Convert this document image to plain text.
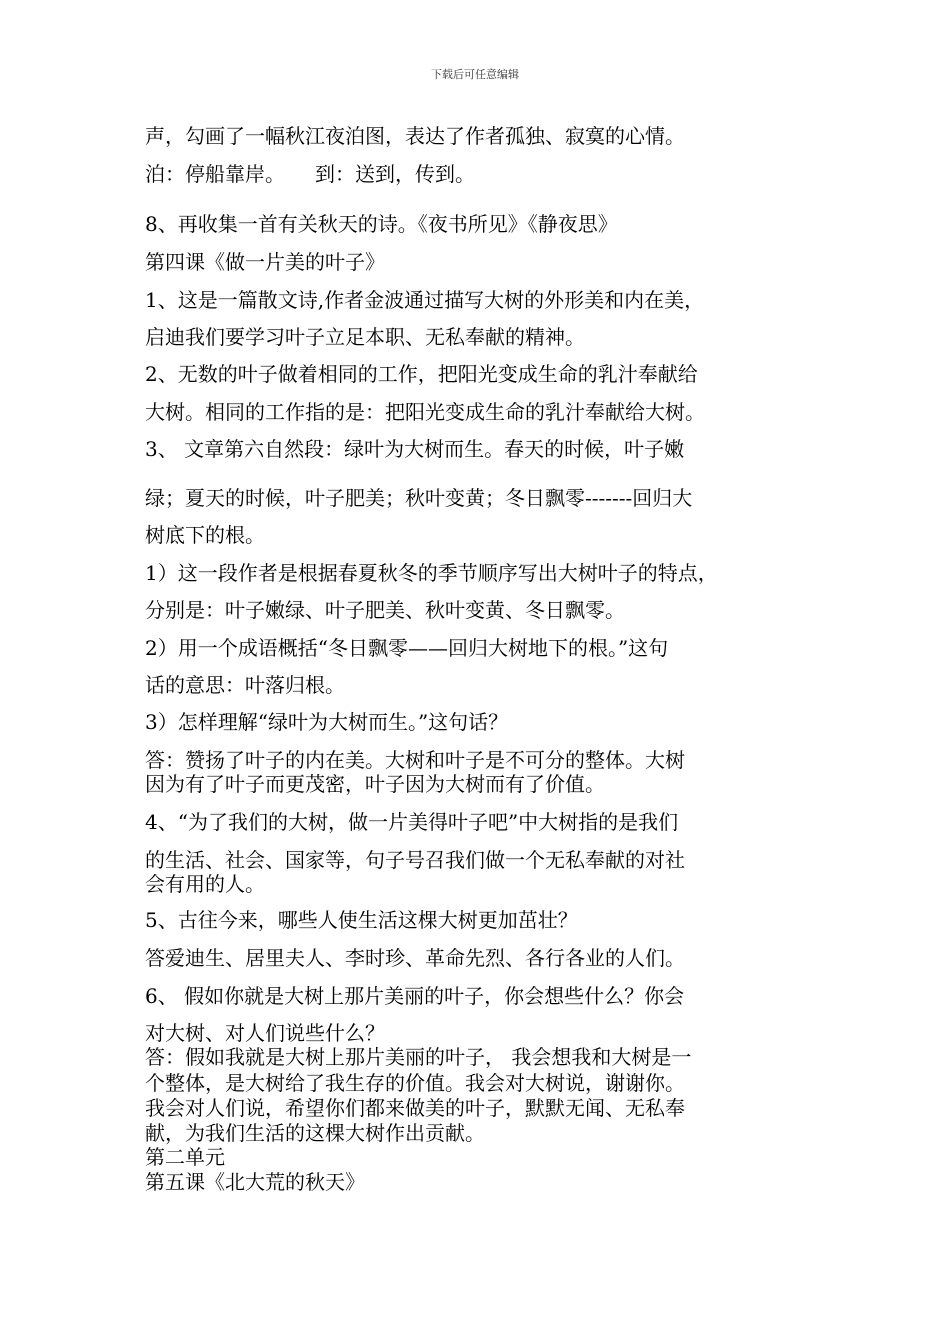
下载后可任意编辑
声，勾画了一幅秋江夜泊图，表达了作者孤独、寂寞的心情。
泊：停船靠岸。　　到：送到，传到。
8、再收集一首有关秋天的诗。《夜书所见》《静夜思》
第四课《做一片美的叶子》
1、这是一篇散文诗,作者金波通过描写大树的外形美和内在美，
启迪我们要学习叶子立足本职、无私奉献的精神。
2、无数的叶子做着相同的工作，把阳光变成生命的乳汁奉献给
大树。相同的工作指的是：把阳光变成生命的乳汁奉献给大树。
3、 文章第六自然段：绿叶为大树而生。春天的时候，叶子嫩
绿；夏天的时候，叶子肥美；秋叶变黄；冬日飘零-------回归大
树底下的根。
1）这一段作者是根据春夏秋冬的季节顺序写出大树叶子的特点，
分别是：叶子嫩绿、叶子肥美、秋叶变黄、冬日飘零。
2）用一个成语概括“冬日飘零——回归大树地下的根。”这句
话的意思：叶落归根。
3）怎样理解“绿叶为大树而生。”这句话？
答：赞扬了叶子的内在美。大树和叶子是不可分的整体。大树
因为有了叶子而更茂密，叶子因为大树而有了价值。
4、“为了我们的大树，做一片美得叶子吧”中大树指的是我们
的生活、社会、国家等，句子号召我们做一个无私奉献的对社
会有用的人。
5、古往今来，哪些人使生活这棵大树更加茁壮？
答爱迪生、居里夫人、李时珍、革命先烈、各行各业的人们。
6、 假如你就是大树上那片美丽的叶子，你会想些什么？你会
对大树、对人们说些什么？
答：假如我就是大树上那片美丽的叶子， 我会想我和大树是一
个整体，是大树给了我生存的价值。我会对大树说，谢谢你。
我会对人们说，希望你们都来做美的叶子，默默无闻、无私奉
献，为我们生活的这棵大树作出贡献。
第二单元
第五课《北大荒的秋天》
